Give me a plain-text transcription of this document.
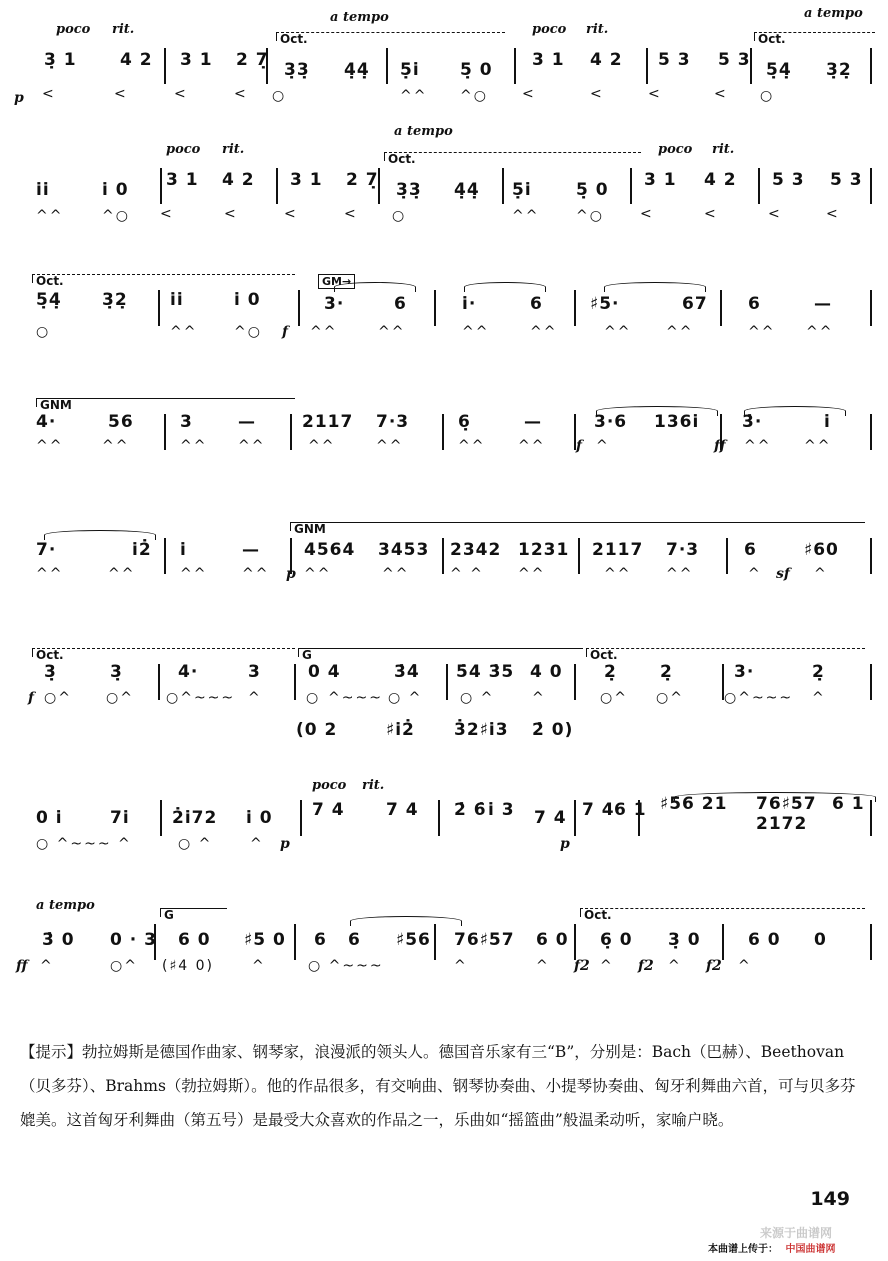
poco rit.
a tempo
poco rit.
a tempo
Oct.	Oct.
3̣ 1	4 2 3 1 2 7̣ 3̣3̣ 4̣4̣ 5̣i̇ 5̣ 0 3 1 4 2 5 3 5 3 5̣4̣ 3̣2̣
p <	<	<	< ○	^^ ^○ <	<	<	< ○
poco rit.
a tempo
poco rit.
Oct.
i̇i̇	i̇ 0 3 1 4 2 3 1 2 7̣ 3̣3̣ 4̣4̣ 5̣i̇	5̣ 0 3 1 4 2 5 3 5 3
^^	^○ <	<	<	< ○	^^	^○	<	<	<	<
Oct.	GM→
5̣4̣ 3̣2̣ i̇i̇	i̇ 0	3·	6	i̇·	6	♯5·	67 6	—
○	^^	^○ f ^^	^^	^^	^^	^^ ^^	^^ ^^
GNM
4·	56	3	—	2117 7·3	6̣	—	3·6 136i̇	3̇·	i̇
^^	^^	^^ ^^	^^	^^	^^ ^^ f ^	ff ^^ ^^
GNM
7·	i̇2̇ i̇	—	4564 3453 2342 1231 2117 7·3	6	♯60
^^	^^	^^ ^^ p ^^	^^	^ ^ ^^	^^ ^^	^ sf ^
Oct.	G	Oct.
3̣	3̣	4·	3	0 4	3̇4̇ 5̇4 3̇5 4 0 2̣	2̣	3·	2̣
(0 2	♯i̇2̇ 3̇2♯i̇3 2̇ 0)
f ○^ ○^ ○^~~~ ^	○ ^~~~ ○ ^	○ ^	^	○^ ○^	○^~~~ ^
poco rit.
0 i̇	7i̇ 2̇i̇72 i̇ 0 7 4 7 4 2̇ 6̇ i̇ 3 7 4 7 4 6 1 ♯56 21 76♯57 2172
6 1
○ ^~~~ ^	○ ^	^ p	p
a tempo
G	Oct.
3̇ 0 0 · 3 6 0 ♯5 0 6 6 ♯56 76♯57 6 0 6̣ 0 3̣ 0	6 0 0
ff ^	○^ (♯4 0)	^	○ ^~~~	^	^ f2 ^ f2 ^ f2 ^
【提示】勃拉姆斯是德国作曲家、钢琴家，浪漫派的领头人。德国音乐家有三“B”，分别是：Bach（巴赫）、Beethovan（贝多芬）、Brahms（勃拉姆斯）。他的作品很多，有交响曲、钢琴协奏曲、小提琴协奏曲、匈牙利舞曲六首，可与贝多芬媲美。这首匈牙利舞曲（第五号）是最受大众喜欢的作品之一，乐曲如“摇篮曲”般温柔动听，家喻户晓。
149
来源于曲谱网
本曲谱上传于： 中国曲谱网
